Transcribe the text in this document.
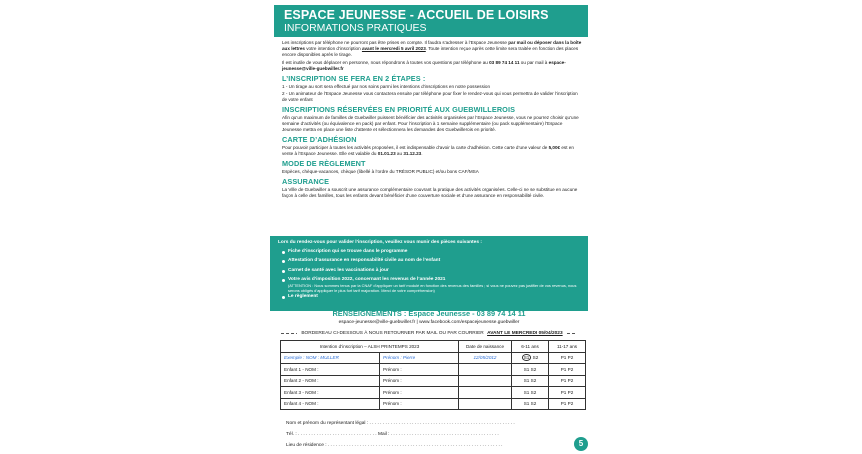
ESPACE JEUNESSE - ACCUEIL DE LOISIRS
INFORMATIONS PRATIQUES

Les inscriptions par téléphone ne pourront pas être prises en compte. Il faudra s’adresser à l’Espace Jeunesse par mail ou déposer dans la boîte aux lettres votre intention d’inscription avant le mercredi 5 avril 2023. Toute intention reçue après cette limite sera traitée en fonction des places encore disponibles après le tirage.

Il est inutile de vous déplacer en personne, nous répondrons à toutes vos questions par téléphone au 03 89 74 14 11 ou par mail à espace-jeunesse@ville-guebwiller.fr

L’INSCRIPTION SE FERA EN 2 ÉTAPES :

1 - Un tirage au sort sera effectué par nos soins parmi les intentions d’inscriptions en notre possession

2 - Un animateur de l’Espace Jeunesse vous contactera ensuite par téléphone pour fixer le rendez-vous qui vous permettra de valider l’inscription de votre enfant

INSCRIPTIONS RÉSERVÉES EN PRIORITÉ AUX GUEBWILLEROIS

Afin qu’un maximum de familles de Guebwiller puissent bénéficier des activités organisées par l’Espace Jeunesse, vous ne pourrez choisir qu’une semaine d’activités (ou équivalence en pack) par enfant. Pour l’inscription à 1 semaine supplémentaire (ou pack supplémentaire) l’Espace Jeunesse mettra en place une liste d’attente et sélectionnera les demandes des Guebwillerois en priorité.

CARTE D’ADHÉSION

Pour pouvoir participer à toutes les activités proposées, il est indispensable d’avoir la carte d’adhésion. Cette carte d’une valeur de 5,00€ est en vente à l’Espace Jeunesse. Elle est valable du 01.01.23 au 31.12.23.

MODE DE RÈGLEMENT

Espèces, chèque-vacances, chèque (libellé à l’ordre du TRÉSOR PUBLIC) et/ou bons CAF/MSA

ASSURANCE

La Ville de Guebwiller a souscrit une assurance complémentaire couvrant la pratique des activités organisées. Celle-ci ne se substitue en aucune façon à celle des familles, tous les enfants devant bénéficier d’une couverture sociale et d’une assurance en responsabilité civile.

Lors du rendez-vous pour valider l’inscription, veuillez vous munir des pièces suivantes :
Fiche d’inscription qui se trouve dans le programme
Attestation d’assurance en responsabilité civile au nom de l’enfant
Carnet de santé avec les vaccinations à jour
Votre avis d’imposition 2022, concernant les revenus de l’année 2021
(ATTENTION : Nous sommes tenus par la CNAF d’appliquer un tarif modulé en fonction des revenus des familles ; si vous ne pouvez pas justifier de vos revenus, nous serons obligés d’appliquer le plus fort tarif majoration. Merci de votre compréhension)
Le règlement
RENSEIGNEMENTS : Espace Jeunesse - 03 89 74 14 11
espace-jeunesse@ville-guebwiller.fr | www.facebook.com/espacejeunesse.guebwiller
BORDEREAU CI-DESSOUS À NOUS RETOURNER PAR MAIL OU PAR COURRIER AVANT LE MERCREDI 05/04/2023
Intention d’inscription – ALSH PRINTEMPS 2023		Date de naissance	6-11 ans	11-17 ans
Exemple : NOM : MULLER	Prénom : Pierre	12/05/2012	S1 S2	P1 P2
Enfant 1 - NOM :	Prénom :		S1 S2	P1 P2
Enfant 2 - NOM :	Prénom :		S1 S2	P1 P2
Enfant 3 - NOM :	Prénom :		S1 S2	P1 P2
Enfant 4 - NOM :	Prénom :		S1 S2	P1 P2
Nom et prénom du représentant légal : . . . . . . . . . . . . . . . . . . . . . . . . . . . . . . . . . . . . . . . . . . . . . . . . . . . . . . .
Tél. : . . . . . . . . . . . . . . . . . . . . . . . . . . . . . . Mail : . . . . . . . . . . . . . . . . . . . . . . . . . . . . . . . . . . . . . . . . .
Lieu de résidence : . . . . . . . . . . . . . . . . . . . . . . . . . . . . . . . . . . . . . . . . . . . . . . . . . . . . . . . . . . . . . . . . . .	5
